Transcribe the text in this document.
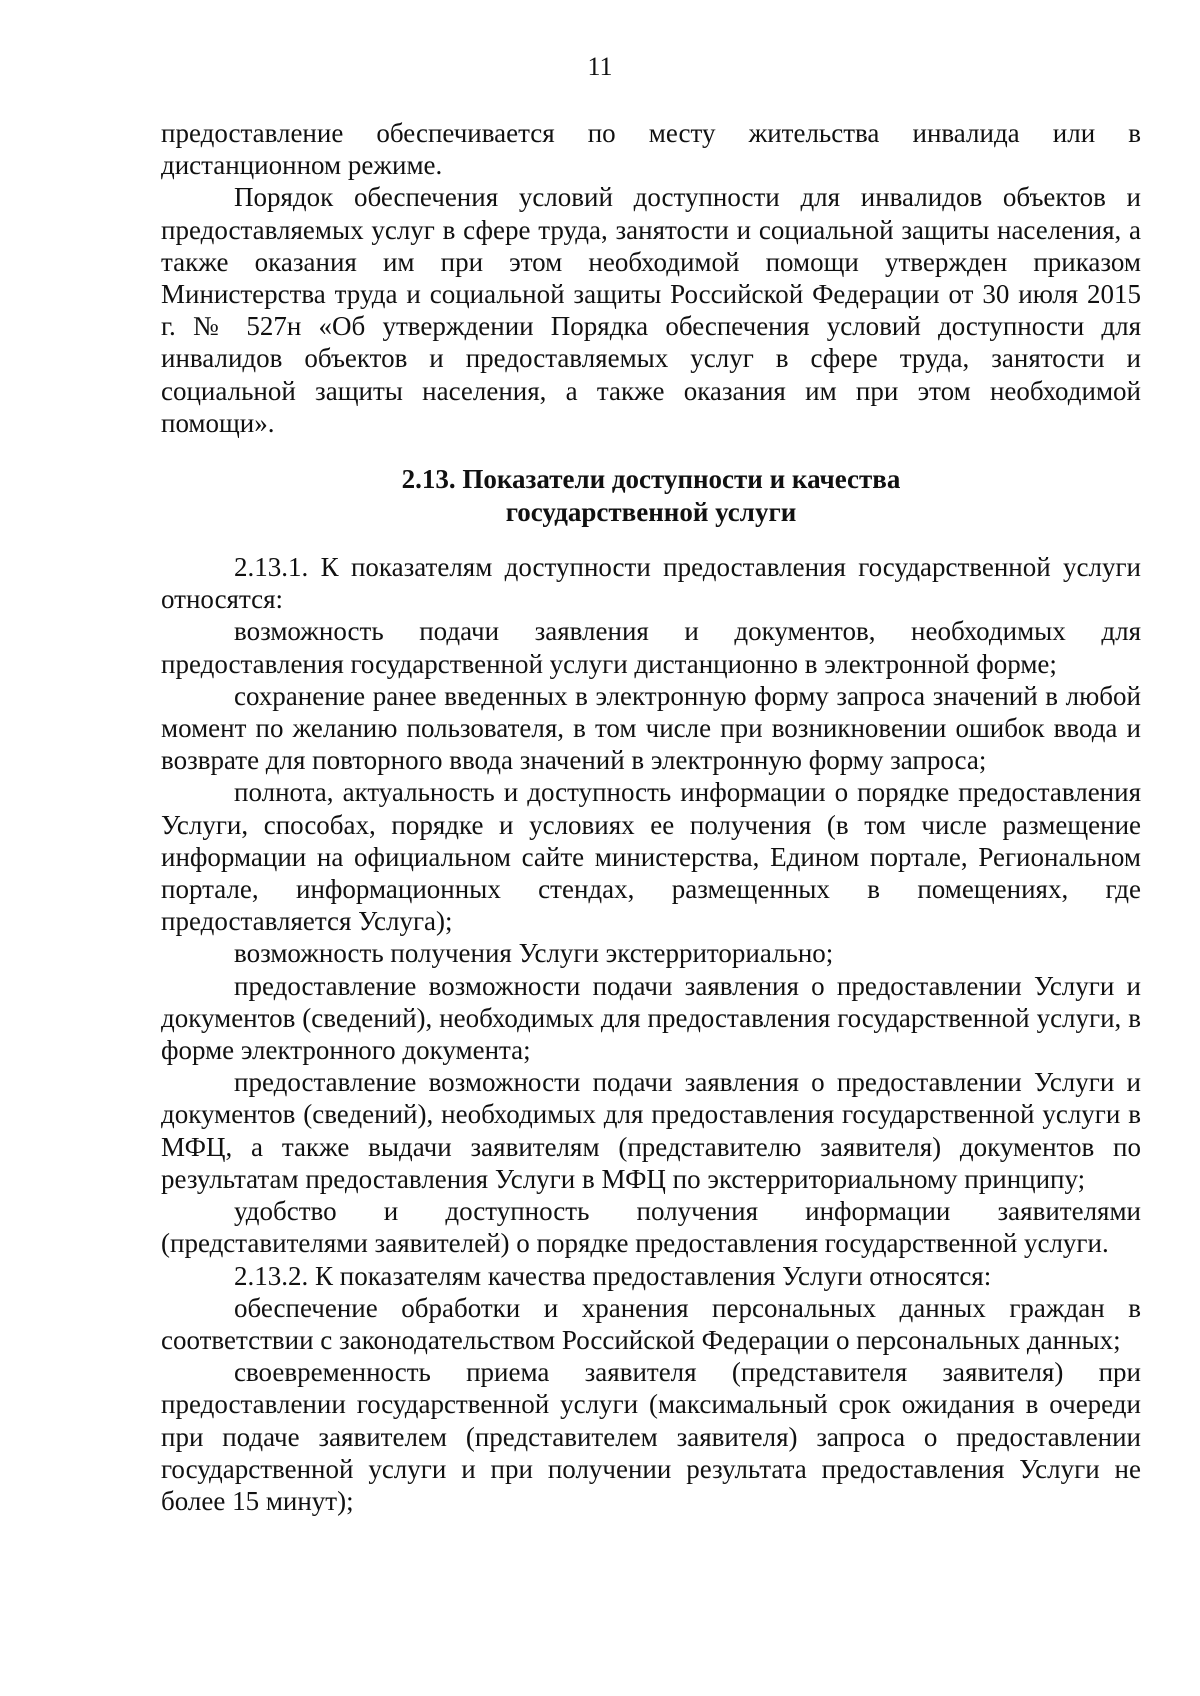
11

предоставление обеспечивается по месту жительства инвалида или в дистанционном режиме.

Порядок обеспечения условий доступности для инвалидов объектов и предоставляемых услуг в сфере труда, занятости и социальной защиты населения, а также оказания им при этом необходимой помощи утвержден приказом Министерства труда и социальной защиты Российской Федерации от 30 июля 2015 г. № 527н «Об утверждении Порядка обеспечения условий доступности для инвалидов объектов и предоставляемых услуг в сфере труда, занятости и социальной защиты населения, а также оказания им при этом необходимой помощи».

2.13. Показатели доступности и качества
государственной услуги

2.13.1. К показателям доступности предоставления государственной услуги относятся:

возможность подачи заявления и документов, необходимых для предоставления государственной услуги дистанционно в электронной форме;

сохранение ранее введенных в электронную форму запроса значений в любой момент по желанию пользователя, в том числе при возникновении ошибок ввода и возврате для повторного ввода значений в электронную форму запроса;

полнота, актуальность и доступность информации о порядке предоставления Услуги, способах, порядке и условиях ее получения (в том числе размещение информации на официальном сайте министерства, Едином портале, Региональном портале, информационных стендах, размещенных в помещениях, где предоставляется Услуга);

возможность получения Услуги экстерриториально;

предоставление возможности подачи заявления о предоставлении Услуги и документов (сведений), необходимых для предоставления государственной услуги, в форме электронного документа;

предоставление возможности подачи заявления о предоставлении Услуги и документов (сведений), необходимых для предоставления государственной услуги в МФЦ, а также выдачи заявителям (представителю заявителя) документов по результатам предоставления Услуги в МФЦ по экстерриториальному принципу;

удобство и доступность получения информации заявителями (представителями заявителей) о порядке предоставления государственной услуги.

2.13.2. К показателям качества предоставления Услуги относятся:

обеспечение обработки и хранения персональных данных граждан в соответствии с законодательством Российской Федерации о персональных данных;

своевременность приема заявителя (представителя заявителя) при предоставлении государственной услуги (максимальный срок ожидания в очереди при подаче заявителем (представителем заявителя) запроса о предоставлении государственной услуги и при получении результата предоставления Услуги не более 15 минут);
